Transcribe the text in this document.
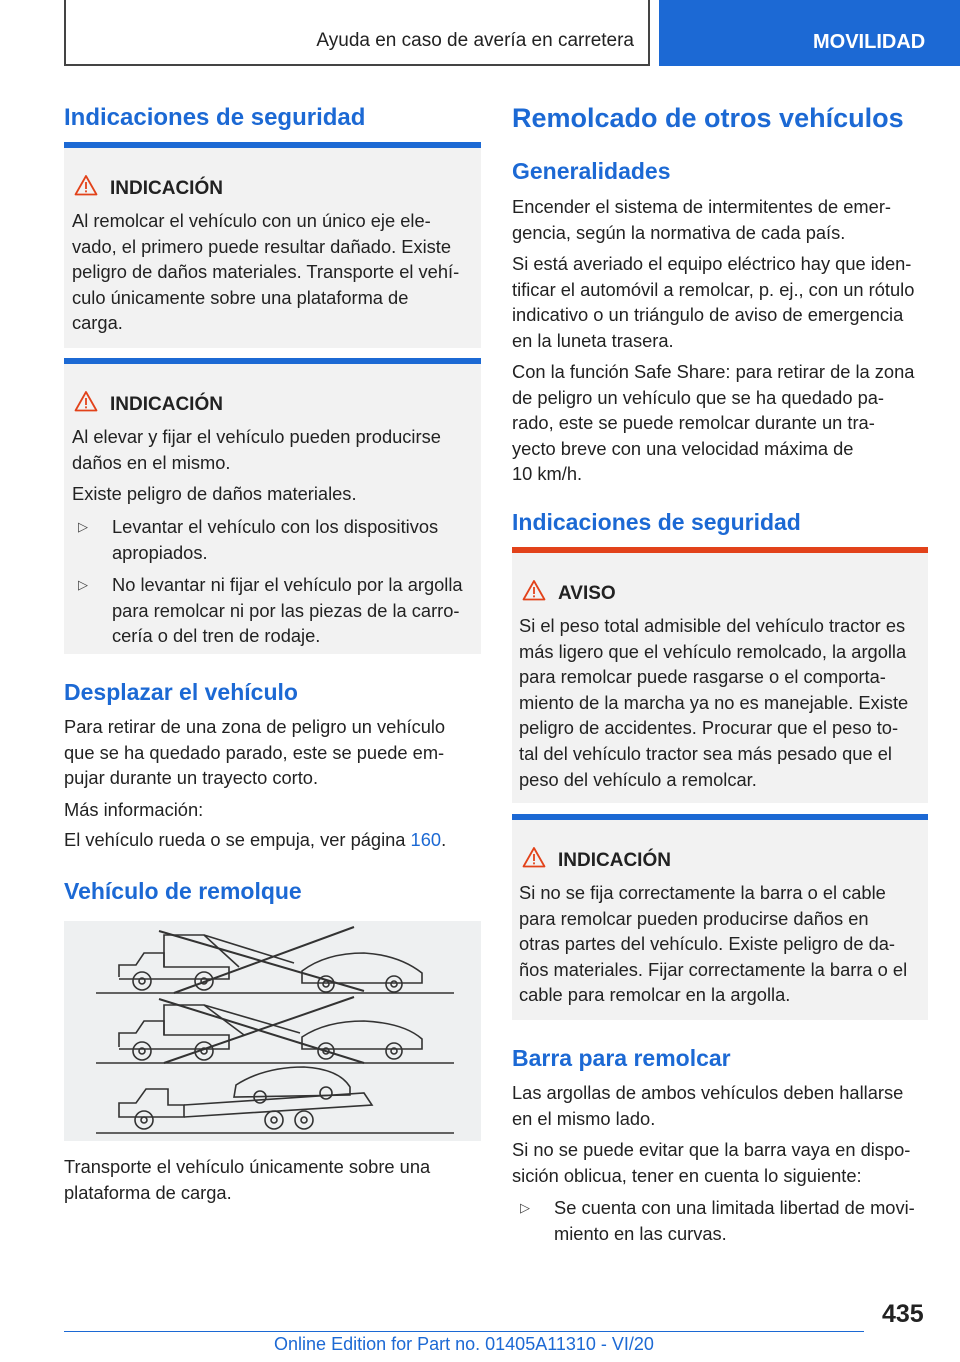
Ayuda en caso de avería en carretera	MOVILIDAD
Indicaciones de seguridad
INDICACIÓN
Al remolcar el vehículo con un único eje ele-
vado, el primero puede resultar dañado. Existe
peligro de daños materiales. Transporte el vehí-
culo únicamente sobre una plataforma de
carga.
INDICACIÓN
Al elevar y fijar el vehículo pueden producirse
daños en el mismo.
Existe peligro de daños materiales.
▷ Levantar el vehículo con los dispositivos
apropiados.
▷ No levantar ni fijar el vehículo por la argolla
para remolcar ni por las piezas de la carro-
cería o del tren de rodaje.
Desplazar el vehículo
Para retirar de una zona de peligro un vehículo
que se ha quedado parado, este se puede em-
pujar durante un trayecto corto.
Más información:
El vehículo rueda o se empuja, ver página 160.
Vehículo de remolque
Transporte el vehículo únicamente sobre una
plataforma de carga.
Remolcado de otros vehículos
Generalidades
Encender el sistema de intermitentes de emer-
gencia, según la normativa de cada país.
Si está averiado el equipo eléctrico hay que iden-
tificar el automóvil a remolcar, p. ej., con un rótulo
indicativo o un triángulo de aviso de emergencia
en la luneta trasera.
Con la función Safe Share: para retirar de la zona
de peligro un vehículo que se ha quedado pa-
rado, este se puede remolcar durante un tra-
yecto breve con una velocidad máxima de
10 km/h.
Indicaciones de seguridad
AVISO
Si el peso total admisible del vehículo tractor es
más ligero que el vehículo remolcado, la argolla
para remolcar puede rasgarse o el comporta-
miento de la marcha ya no es manejable. Existe
peligro de accidentes. Procurar que el peso to-
tal del vehículo tractor sea más pesado que el
peso del vehículo a remolcar.
INDICACIÓN
Si no se fija correctamente la barra o el cable
para remolcar pueden producirse daños en
otras partes del vehículo. Existe peligro de da-
ños materiales. Fijar correctamente la barra o el
cable para remolcar en la argolla.
Barra para remolcar
Las argollas de ambos vehículos deben hallarse
en el mismo lado.
Si no se puede evitar que la barra vaya en dispo-
sición oblicua, tener en cuenta lo siguiente:
▷ Se cuenta con una limitada libertad de movi-
miento en las curvas.
435
Online Edition for Part no. 01405A11310 - VI/20
